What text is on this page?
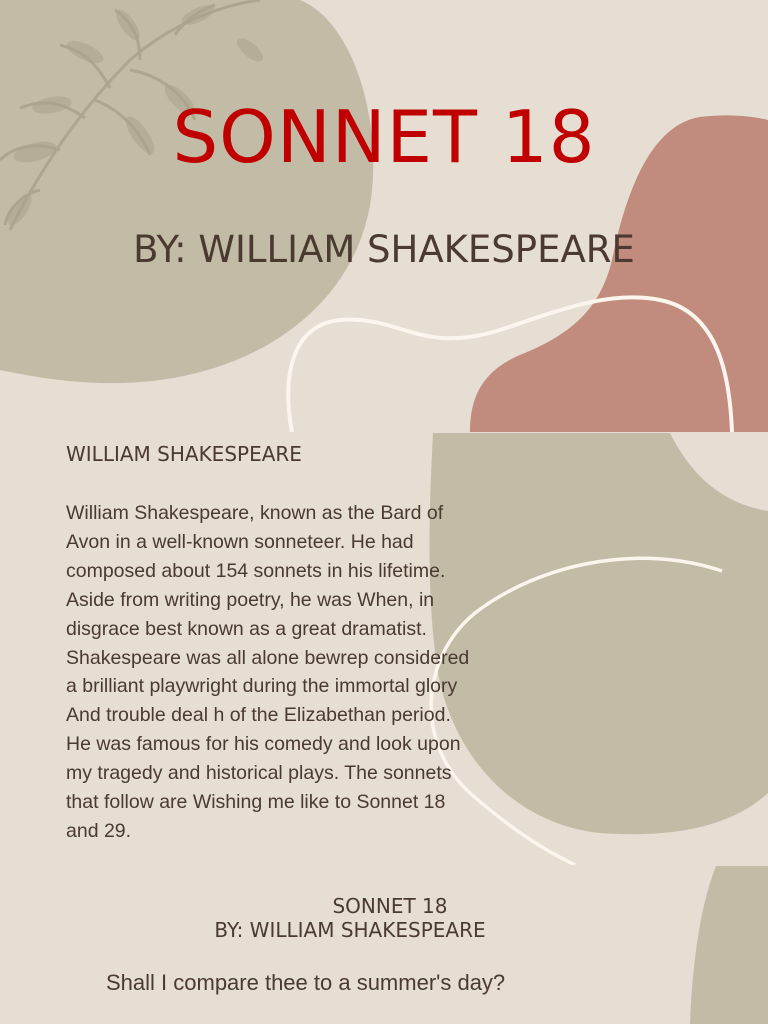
SONNET 18
BY: WILLIAM SHAKESPEARE
WILLIAM SHAKESPEARE

William Shakespeare, known as the Bard of Avon in a well-known sonneteer. He had composed about 154 sonnets in his lifetime. Aside from writing poetry, he was When, in disgrace best known as a great dramatist. Shakespeare was all alone bewrep considered a brilliant playwright during the immortal glory And trouble deal h of the Elizabethan period. He was famous for his comedy and look upon my tragedy and historical plays. The sonnets that follow are Wishing me like to Sonnet 18 and 29.

SONNET 18
BY: WILLIAM SHAKESPEARE
Shall I compare thee to a summer's day?
